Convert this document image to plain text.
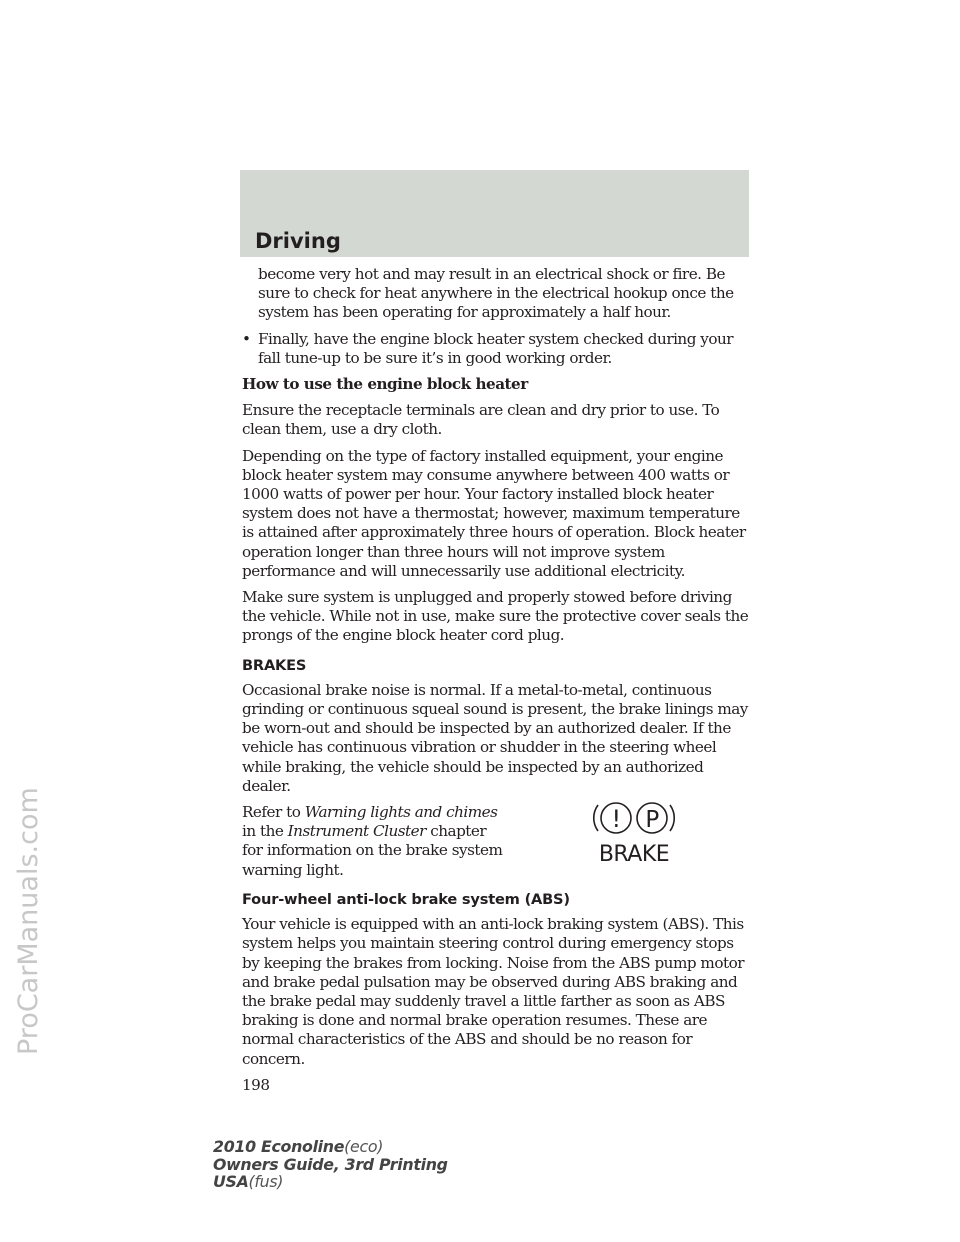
ProCarManuals.com
Driving

become very hot and may result in an electrical shock or fire. Be sure to check for heat anywhere in the electrical hookup once the system has been operating for approximately a half hour.

• Finally, have the engine block heater system checked during your fall tune-up to be sure it’s in good working order.

How to use the engine block heater

Ensure the receptacle terminals are clean and dry prior to use. To clean them, use a dry cloth.

Depending on the type of factory installed equipment, your engine block heater system may consume anywhere between 400 watts or 1000 watts of power per hour. Your factory installed block heater system does not have a thermostat; however, maximum temperature is attained after approximately three hours of operation. Block heater operation longer than three hours will not improve system performance and will unnecessarily use additional electricity.

Make sure system is unplugged and properly stowed before driving the vehicle. While not in use, make sure the protective cover seals the prongs of the engine block heater cord plug.

BRAKES

Occasional brake noise is normal. If a metal-to-metal, continuous grinding or continuous squeal sound is present, the brake linings may be worn-out and should be inspected by an authorized dealer. If the vehicle has continuous vibration or shudder in the steering wheel while braking, the vehicle should be inspected by an authorized dealer.

Refer to Warning lights and chimes in the Instrument Cluster chapter for information on the brake system warning light.

! P
BRAKE
Four-wheel anti-lock brake system (ABS)

Your vehicle is equipped with an anti-lock braking system (ABS). This system helps you maintain steering control during emergency stops by keeping the brakes from locking. Noise from the ABS pump motor and brake pedal pulsation may be observed during ABS braking and the brake pedal may suddenly travel a little farther as soon as ABS braking is done and normal brake operation resumes. These are normal characteristics of the ABS and should be no reason for concern.

198
2010 Econoline(eco)
Owners Guide, 3rd Printing
USA(fus)
